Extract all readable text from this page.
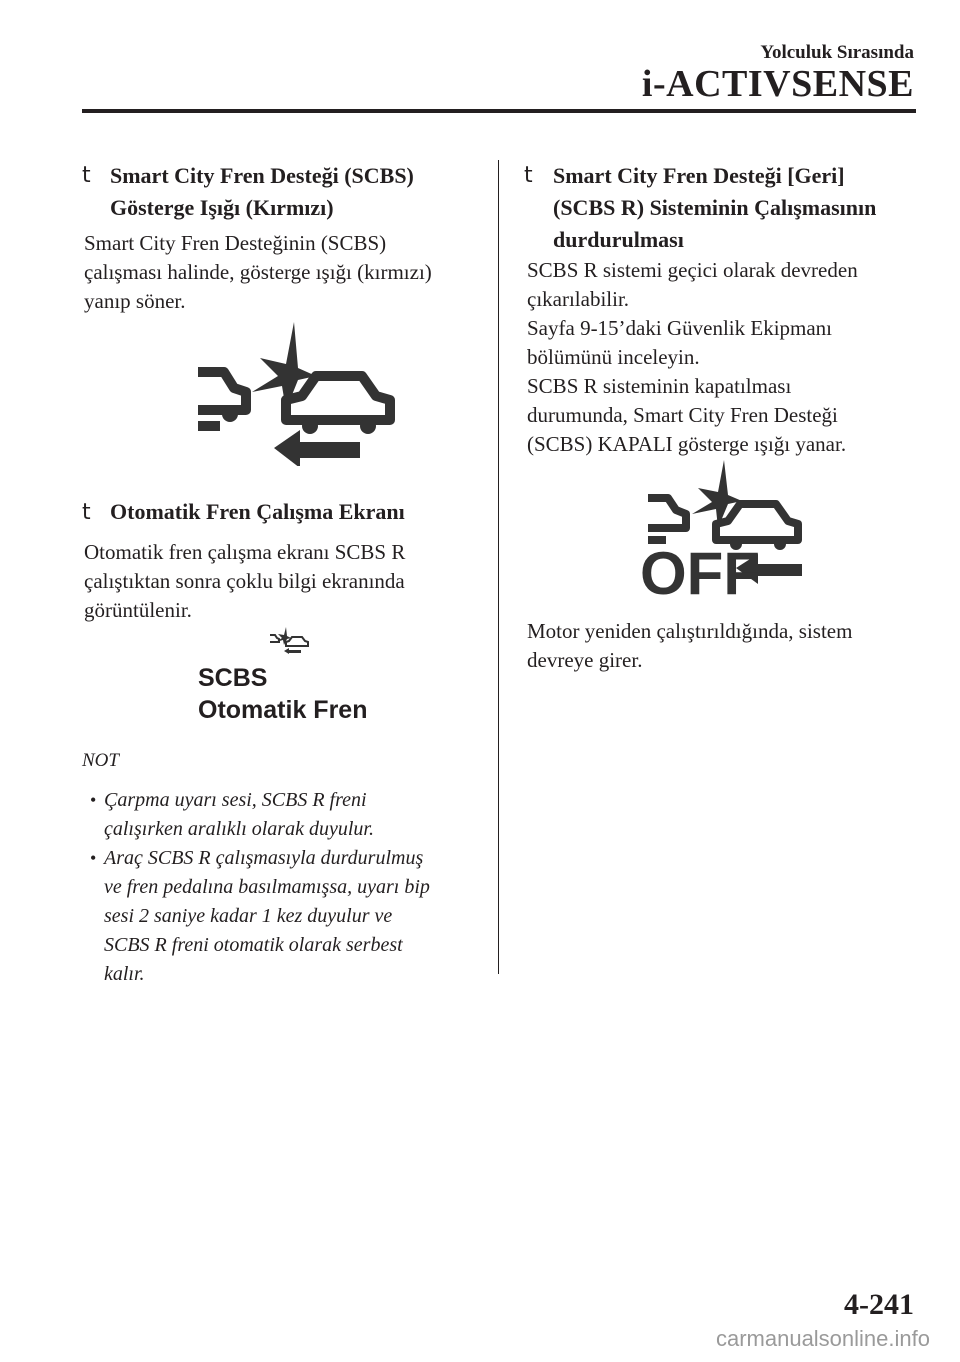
Yolculuk Sırasında
i-ACTIVSENSE
t Smart City Fren Desteği (SCBS)
Gösterge Işığı (Kırmızı)
Smart City Fren Desteğinin (SCBS)
çalışması halinde, gösterge ışığı (kırmızı)
yanıp söner.
t Otomatik Fren Çalışma Ekranı
Otomatik fren çalışma ekranı SCBS R
çalıştıktan sonra çoklu bilgi ekranında
görüntülenir.
SCBS
Otomatik Fren
NOT
• Çarpma uyarı sesi, SCBS R freni
çalışırken aralıklı olarak duyulur.
• Araç SCBS R çalışmasıyla durdurulmuş
ve fren pedalına basılmamışsa, uyarı bip
sesi 2 saniye kadar 1 kez duyulur ve
SCBS R freni otomatik olarak serbest
kalır.
t Smart City Fren Desteği [Geri]
(SCBS R) Sisteminin Çalışmasının
durdurulması
SCBS R sistemi geçici olarak devreden
çıkarılabilir.
Sayfa 9-15’daki Güvenlik Ekipmanı
bölümünü inceleyin.
SCBS R sisteminin kapatılması
durumunda, Smart City Fren Desteği
(SCBS) KAPALI gösterge ışığı yanar.
OFF
Motor yeniden çalıştırıldığında, sistem
devreye girer.
4-241
carmanualsonline.info
